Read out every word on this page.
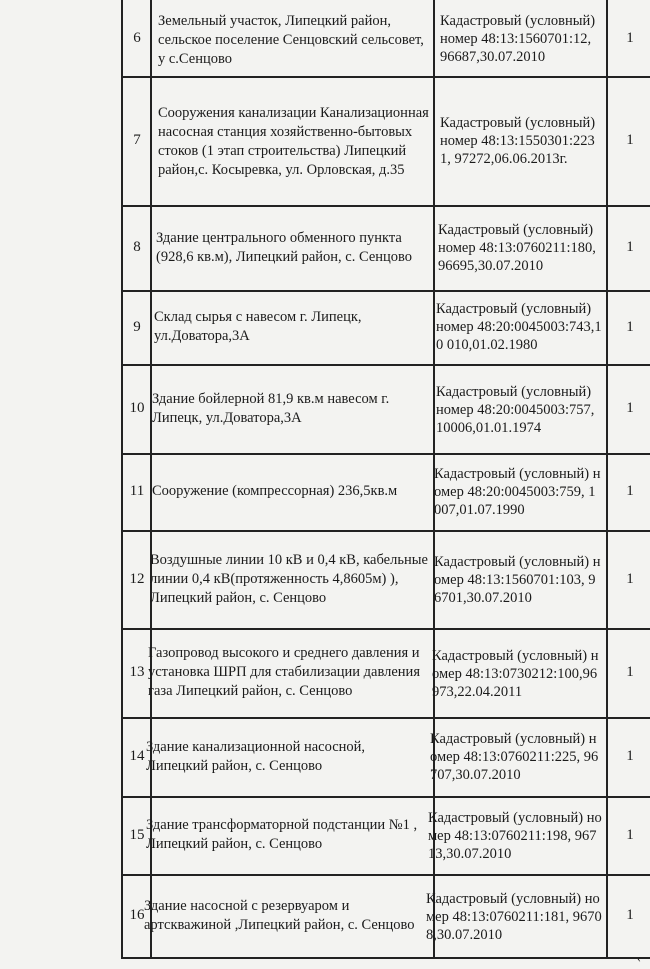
6
Земельный участок, Липецкий район, сельское поселение Сенцовский сельсовет, у с.Сенцово
Кадастровый (условный) номер 48:13:1560701:12, 96687,30.07.2010
1
7
Сооружения канализации Канализационная насосная станция хозяйственно-бытовых стоков (1 этап строительства) Липецкий район,с. Косыревка, ул. Орловская, д.35
Кадастровый (условный) номер 48:13:1550301:2231, 97272,06.06.2013г.
1
8
Здание центрального обменного пункта (928,6 кв.м), Липецкий район, с. Сенцово
Кадастровый (условный) номер 48:13:0760211:180, 96695,30.07.2010
1
9
Склад сырья с навесом г. Липецк, ул.Доватора,3А
Кадастровый (условный) номер 48:20:0045003:743,10 010,01.02.1980
1
10
Здание бойлерной 81,9 кв.м навесом г. Липецк, ул.Доватора,3А
Кадастровый (условный) номер 48:20:0045003:757, 10006,01.01.1974
1
11 Сооружение (компрессорная) 236,5кв.м
Кадастровый (условный) номер 48:20:0045003:759, 1007,01.07.1990
1
12
Воздушные линии 10 кВ и 0,4 кВ, кабельные линии 0,4 кВ(протяженность 4,8605м) ), Липецкий район, с. Сенцово
Кадастровый (условный) номер 48:13:1560701:103, 96701,30.07.2010
1
13
Газопровод высокого и среднего давления и установка ШРП для стабилизации давления газа Липецкий район, с. Сенцово
Кадастровый (условный) номер 48:13:0730212:100,96 973,22.04.2011
1
14
Здание канализационной насосной, Липецкий район, с. Сенцово
Кадастровый (условный) номер 48:13:0760211:225, 96707,30.07.2010
1
15
Здание трансформаторной подстанции №1 , Липецкий район, с. Сенцово
Кадастровый (условный) номер 48:13:0760211:198, 96713,30.07.2010
1
16
Здание насосной с резервуаром и артскважиной ,Липецкий район, с. Сенцово
Кадастровый (условный) номер 48:13:0760211:181, 96708,30.07.2010
1
‹
